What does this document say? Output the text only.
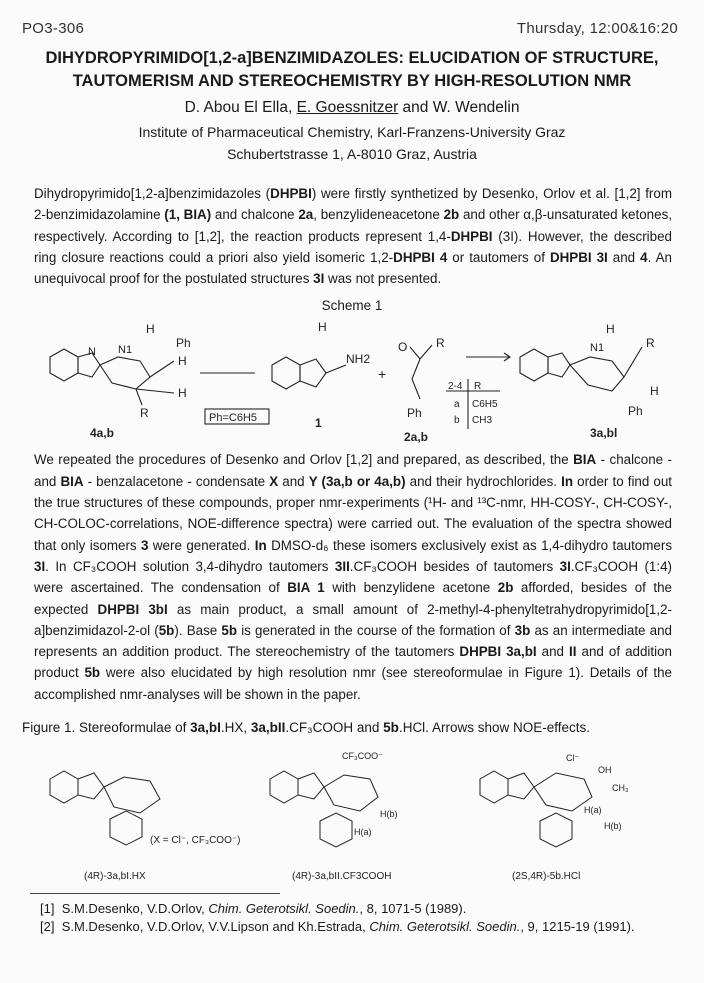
PO3-306	Thursday, 12:00&16:20
DIHYDROPYRIMIDO[1,2-a]BENZIMIDAZOLES: ELUCIDATION OF STRUCTURE,
TAUTOMERISM AND STEREOCHEMISTRY BY HIGH-RESOLUTION NMR
D. Abou El Ella, E. Goessnitzer and W. Wendelin
Institute of Pharmaceutical Chemistry, Karl-Franzens-University Graz
Schubertstrasse 1, A-8010 Graz, Austria
Dihydropyrimido[1,2-a]benzimidazoles (DHPBI) were firstly synthetized by Desenko, Orlov et al. [1,2] from 2-benzimidazolamine (1, BIA) and chalcone 2a, benzylideneacetone 2b and other α,β-unsaturated ketones, respectively. According to [1,2], the reaction products represent 1,4-DHPBI (3I). However, the described ring closure reactions could a priori also yield isomeric 1,2-DHPBI 4 or tautomers of DHPBI 3I and 4. An unequivocal proof for the postulated structures 3I was not presented.
Scheme 1
N N1
H
Ph
H
H
R
4a,b
Ph=C6H5
H
NH2
+
1
O R
Ph
2a,b
2-4 R
a C6H5
b CH3
H
N1	R
H
Ph
3a,bl
We repeated the procedures of Desenko and Orlov [1,2] and prepared, as described, the BIA - chalcone - and BIA - benzalacetone - condensate X and Y (3a,b or 4a,b) and their hydrochlorides. In order to find out the true structures of these compounds, proper nmr-experiments (¹H- and ¹³C-nmr, HH-COSY-, CH-COSY-, CH-COLOC-correlations, NOE-difference spectra) were carried out. The evaluation of the spectra showed that only isomers 3 were generated. In DMSO-d₆ these isomers exclusively exist as 1,4-dihydro tautomers 3I. In CF₃COOH solution 3,4-dihydro tautomers 3II.CF₃COOH besides of tautomers 3I.CF₃COOH (1:4) were ascertained. The condensation of BIA 1 with benzylidene acetone 2b afforded, besides of the expected DHPBI 3bI as main product, a small amount of 2-methyl-4-phenyltetrahydropyrimido[1,2-a]benzimidazol-2-ol (5b). Base 5b is generated in the course of the formation of 3b as an intermediate and represents an addition product. The stereochemistry of the tautomers DHPBI 3a,bI and II and of addition product 5b were also elucidated by high resolution nmr (see stereoformulae in Figure 1). Details of the accomplished nmr-analyses will be shown in the paper.
Figure 1. Stereoformulae of 3a,bI.HX, 3a,bII.CF₃COOH and 5b.HCl. Arrows show NOE-effects.
(X = Cl⁻, CF₃COO⁻)
(4R)-3a,bI.HX
CF₃COO⁻
H(b)
H(a)
(4R)-3a,bII.CF3COOH
Cl⁻
OH
CH₃
H(a)
H(b)
(2S,4R)-5b.HCl
[1] S.M.Desenko, V.D.Orlov, Chim. Geterotsikl. Soedin., 8, 1071-5 (1989).
[2] S.M.Desenko, V.D.Orlov, V.V.Lipson and Kh.Estrada, Chim. Geterotsikl. Soedin., 9, 1215-19 (1991).
